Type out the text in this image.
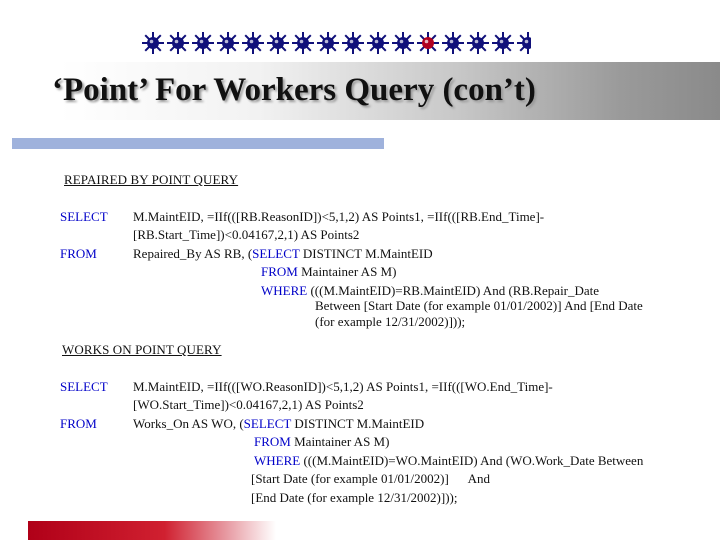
‘Point’ For Workers Query (con’t)

REPAIRED BY POINT QUERY

SELECT M.MaintEID, =IIf(([RB.ReasonID])<5,1,2) AS Points1, =IIf(([RB.End_Time]-
[RB.Start_Time])<0.04167,2,1) AS Points2
FROM	Repaired_By AS RB, (SELECT DISTINCT M.MaintEID
FROM Maintainer AS M)
WHERE (((M.MaintEID)=RB.MaintEID) And (RB.Repair_Date
Between [Start Date (for example 01/01/2002)] And [End Date
(for example 12/31/2002)]));

WORKS ON POINT QUERY

SELECT M.MaintEID, =IIf(([WO.ReasonID])<5,1,2) AS Points1, =IIf(([WO.End_Time]-
[WO.Start_Time])<0.04167,2,1) AS Points2
FROM	Works_On AS WO, (SELECT DISTINCT M.MaintEID
FROM Maintainer AS M)
WHERE (((M.MaintEID)=WO.MaintEID) And (WO.Work_Date Between
[Start Date (for example 01/01/2002)]      And
[End Date (for example 12/31/2002)]));
